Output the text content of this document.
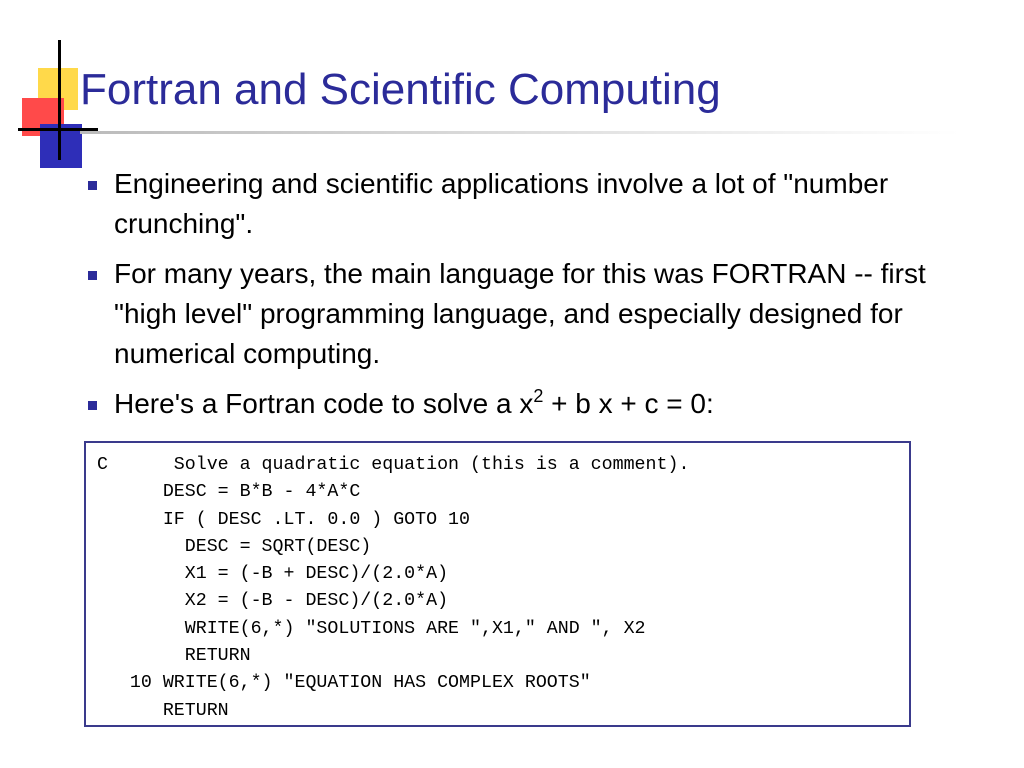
Fortran and Scientific Computing
Engineering and scientific applications involve a lot of "number crunching".
For many years, the main language for this was FORTRAN -- first "high level" programming language, and especially designed for numerical computing.
Here's a Fortran code to solve a $x^2 + b$ x + c = 0:
C      Solve a quadratic equation (this is a comment).
DESC = B*B - 4*A*C
IF ( DESC .LT. 0.0 ) GOTO 10
DESC = SQRT(DESC)
X1 = (-B + DESC)/(2.0*A)
X2 = (-B - DESC)/(2.0*A)
WRITE(6,*) "SOLUTIONS ARE ",X1," AND ", X2
RETURN
10 WRITE(6,*) "EQUATION HAS COMPLEX ROOTS"
RETURN
